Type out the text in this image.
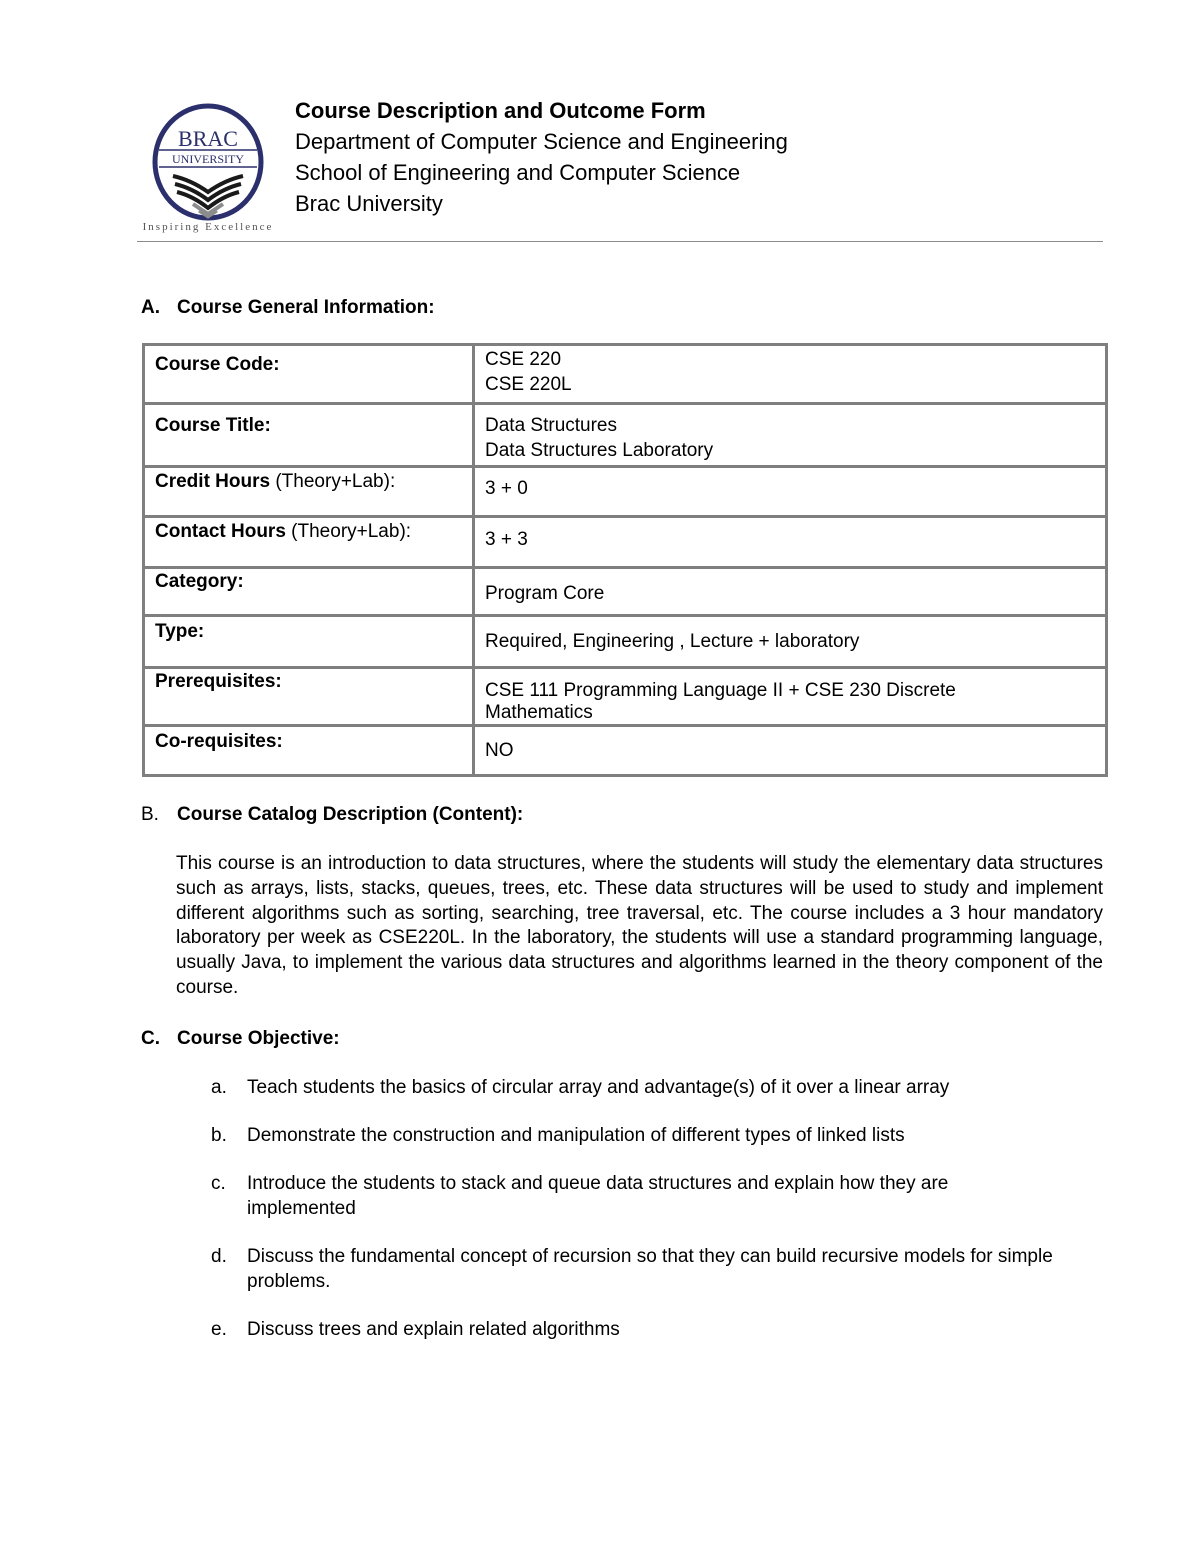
BRAC
UNIVERSITY
Inspiring Excellence
Course Description and Outcome Form
Department of Computer Science and Engineering
School of Engineering and Computer Science
Brac University
A. Course General Information:
Course Code:	CSE 220
CSE 220L

Course Title:	Data Structures
Data Structures Laboratory

Credit Hours (Theory+Lab):	3 + 0

Contact Hours (Theory+Lab):	3 + 3

Category:	Program Core

Type:	Required, Engineering , Lecture + laboratory

Prerequisites:	CSE 111 Programming Language II + CSE 230 Discrete
Mathematics

Co-requisites:	NO
B. Course Catalog Description (Content):
This course is an introduction to data structures, where the students will study the elementary data structures such as arrays, lists, stacks, queues, trees, etc. These data structures will be used to study and implement different algorithms such as sorting, searching, tree traversal, etc. The course includes a 3 hour mandatory laboratory per week as CSE220L. In the laboratory, the students will use a standard programming language, usually Java, to implement the various data structures and algorithms learned in the theory component of the course.
C. Course Objective:
a. Teach students the basics of circular array and advantage(s) of it over a linear array
b. Demonstrate the construction and manipulation of different types of linked lists
c. Introduce the students to stack and queue data structures and explain how they are implemented
d. Discuss the fundamental concept of recursion so that they can build recursive models for simple problems.
e. Discuss trees and explain related algorithms
